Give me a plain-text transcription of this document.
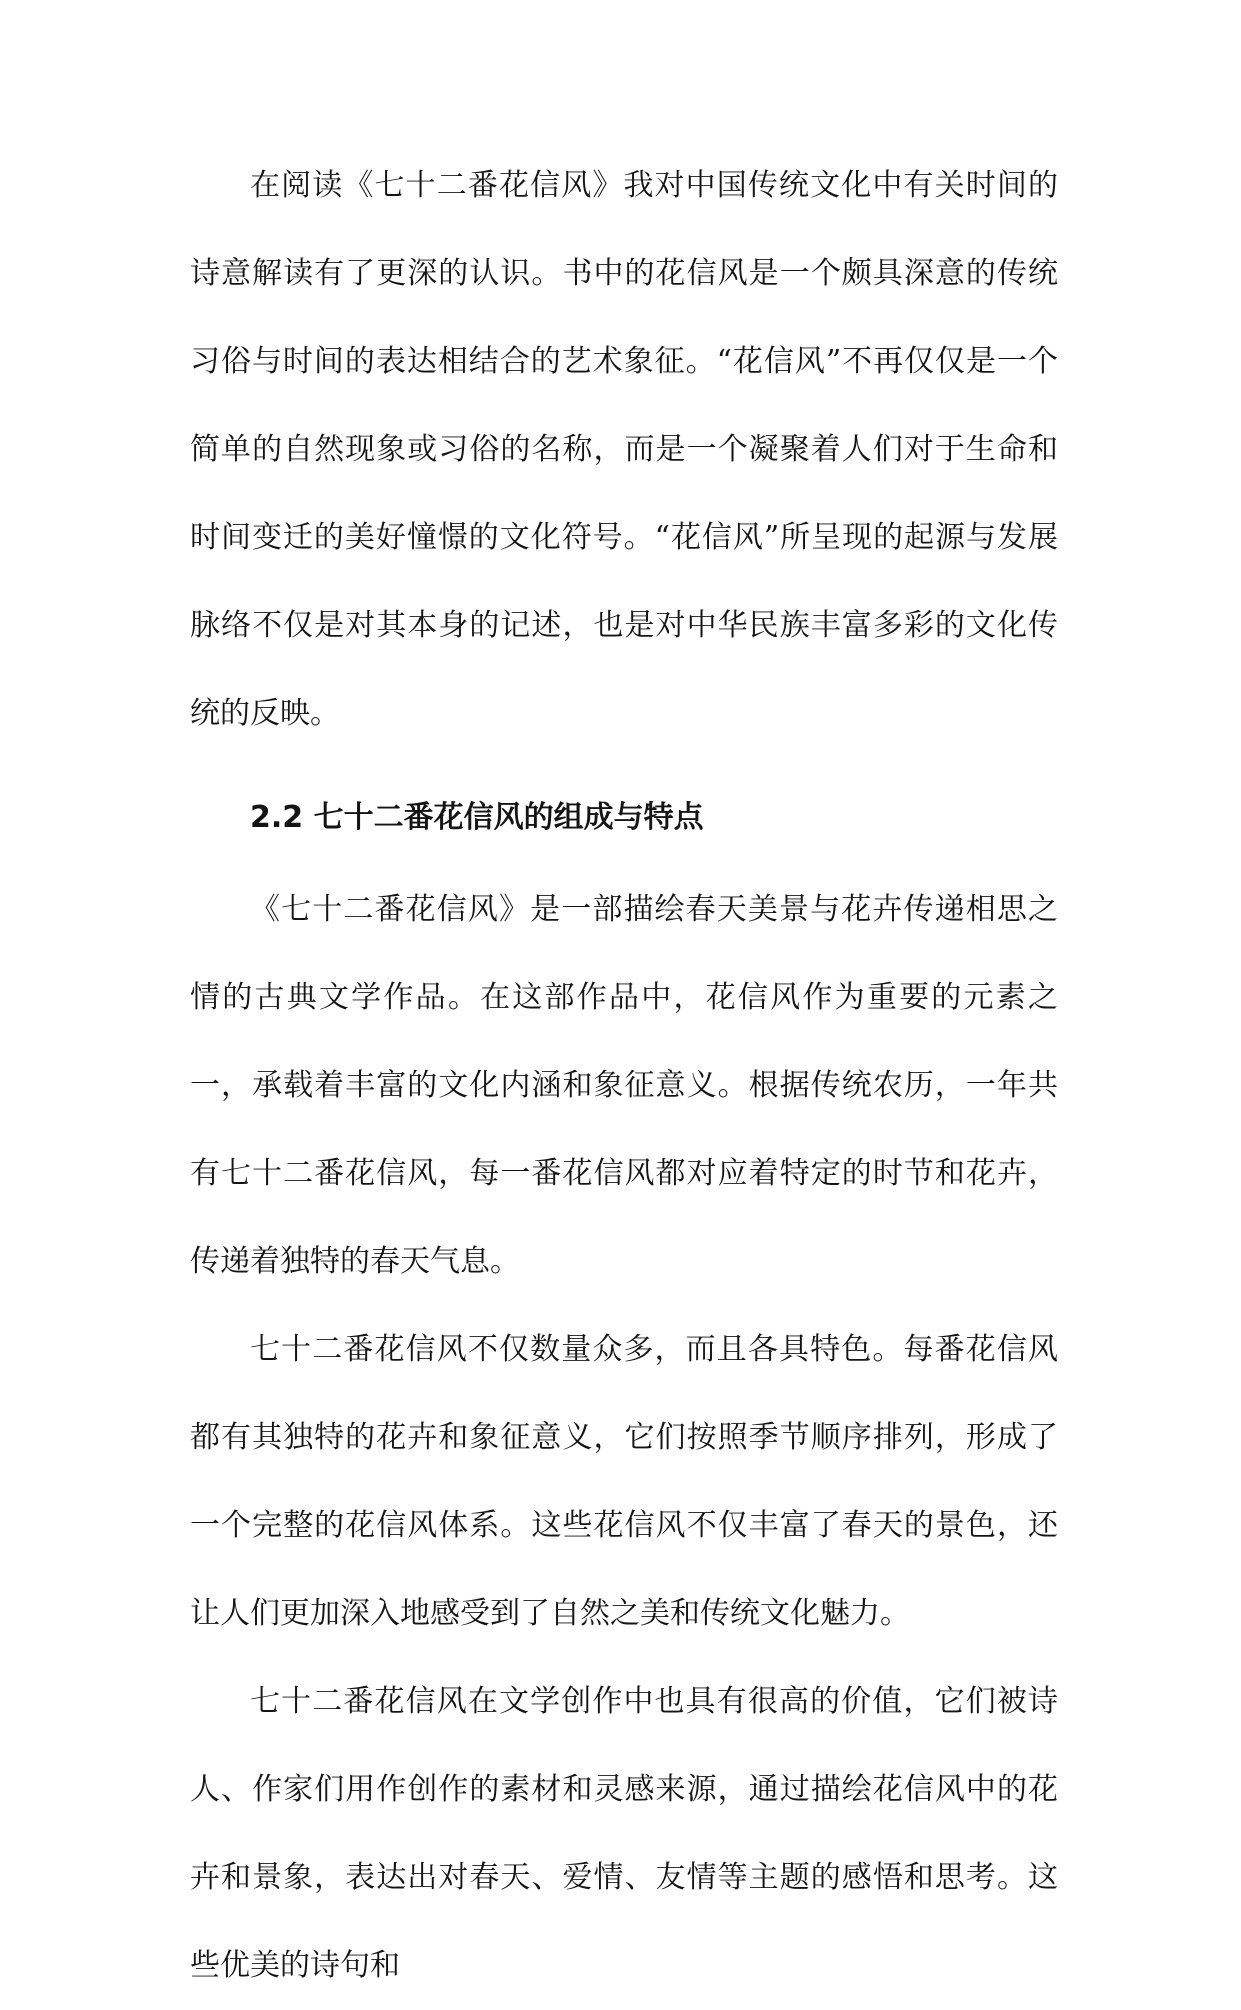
在阅读《七十二番花信风》我对中国传统文化中有关时间的诗意解读有了更深的认识。书中的花信风是一个颇具深意的传统习俗与时间的表达相结合的艺术象征。“花信风”不再仅仅是一个简单的自然现象或习俗的名称，而是一个凝聚着人们对于生命和时间变迁的美好憧憬的文化符号。“花信风”所呈现的起源与发展脉络不仅是对其本身的记述，也是对中华民族丰富多彩的文化传统的反映。

2.2 七十二番花信风的组成与特点

《七十二番花信风》是一部描绘春天美景与花卉传递相思之情的古典文学作品。在这部作品中，花信风作为重要的元素之一，承载着丰富的文化内涵和象征意义。根据传统农历，一年共有七十二番花信风，每一番花信风都对应着特定的时节和花卉，传递着独特的春天气息。

七十二番花信风不仅数量众多，而且各具特色。每番花信风都有其独特的花卉和象征意义，它们按照季节顺序排列，形成了一个完整的花信风体系。这些花信风不仅丰富了春天的景色，还让人们更加深入地感受到了自然之美和传统文化魅力。

七十二番花信风在文学创作中也具有很高的价值，它们被诗人、作家们用作创作的素材和灵感来源，通过描绘花信风中的花卉和景象，表达出对春天、爱情、友情等主题的感悟和思考。这些优美的诗句和
